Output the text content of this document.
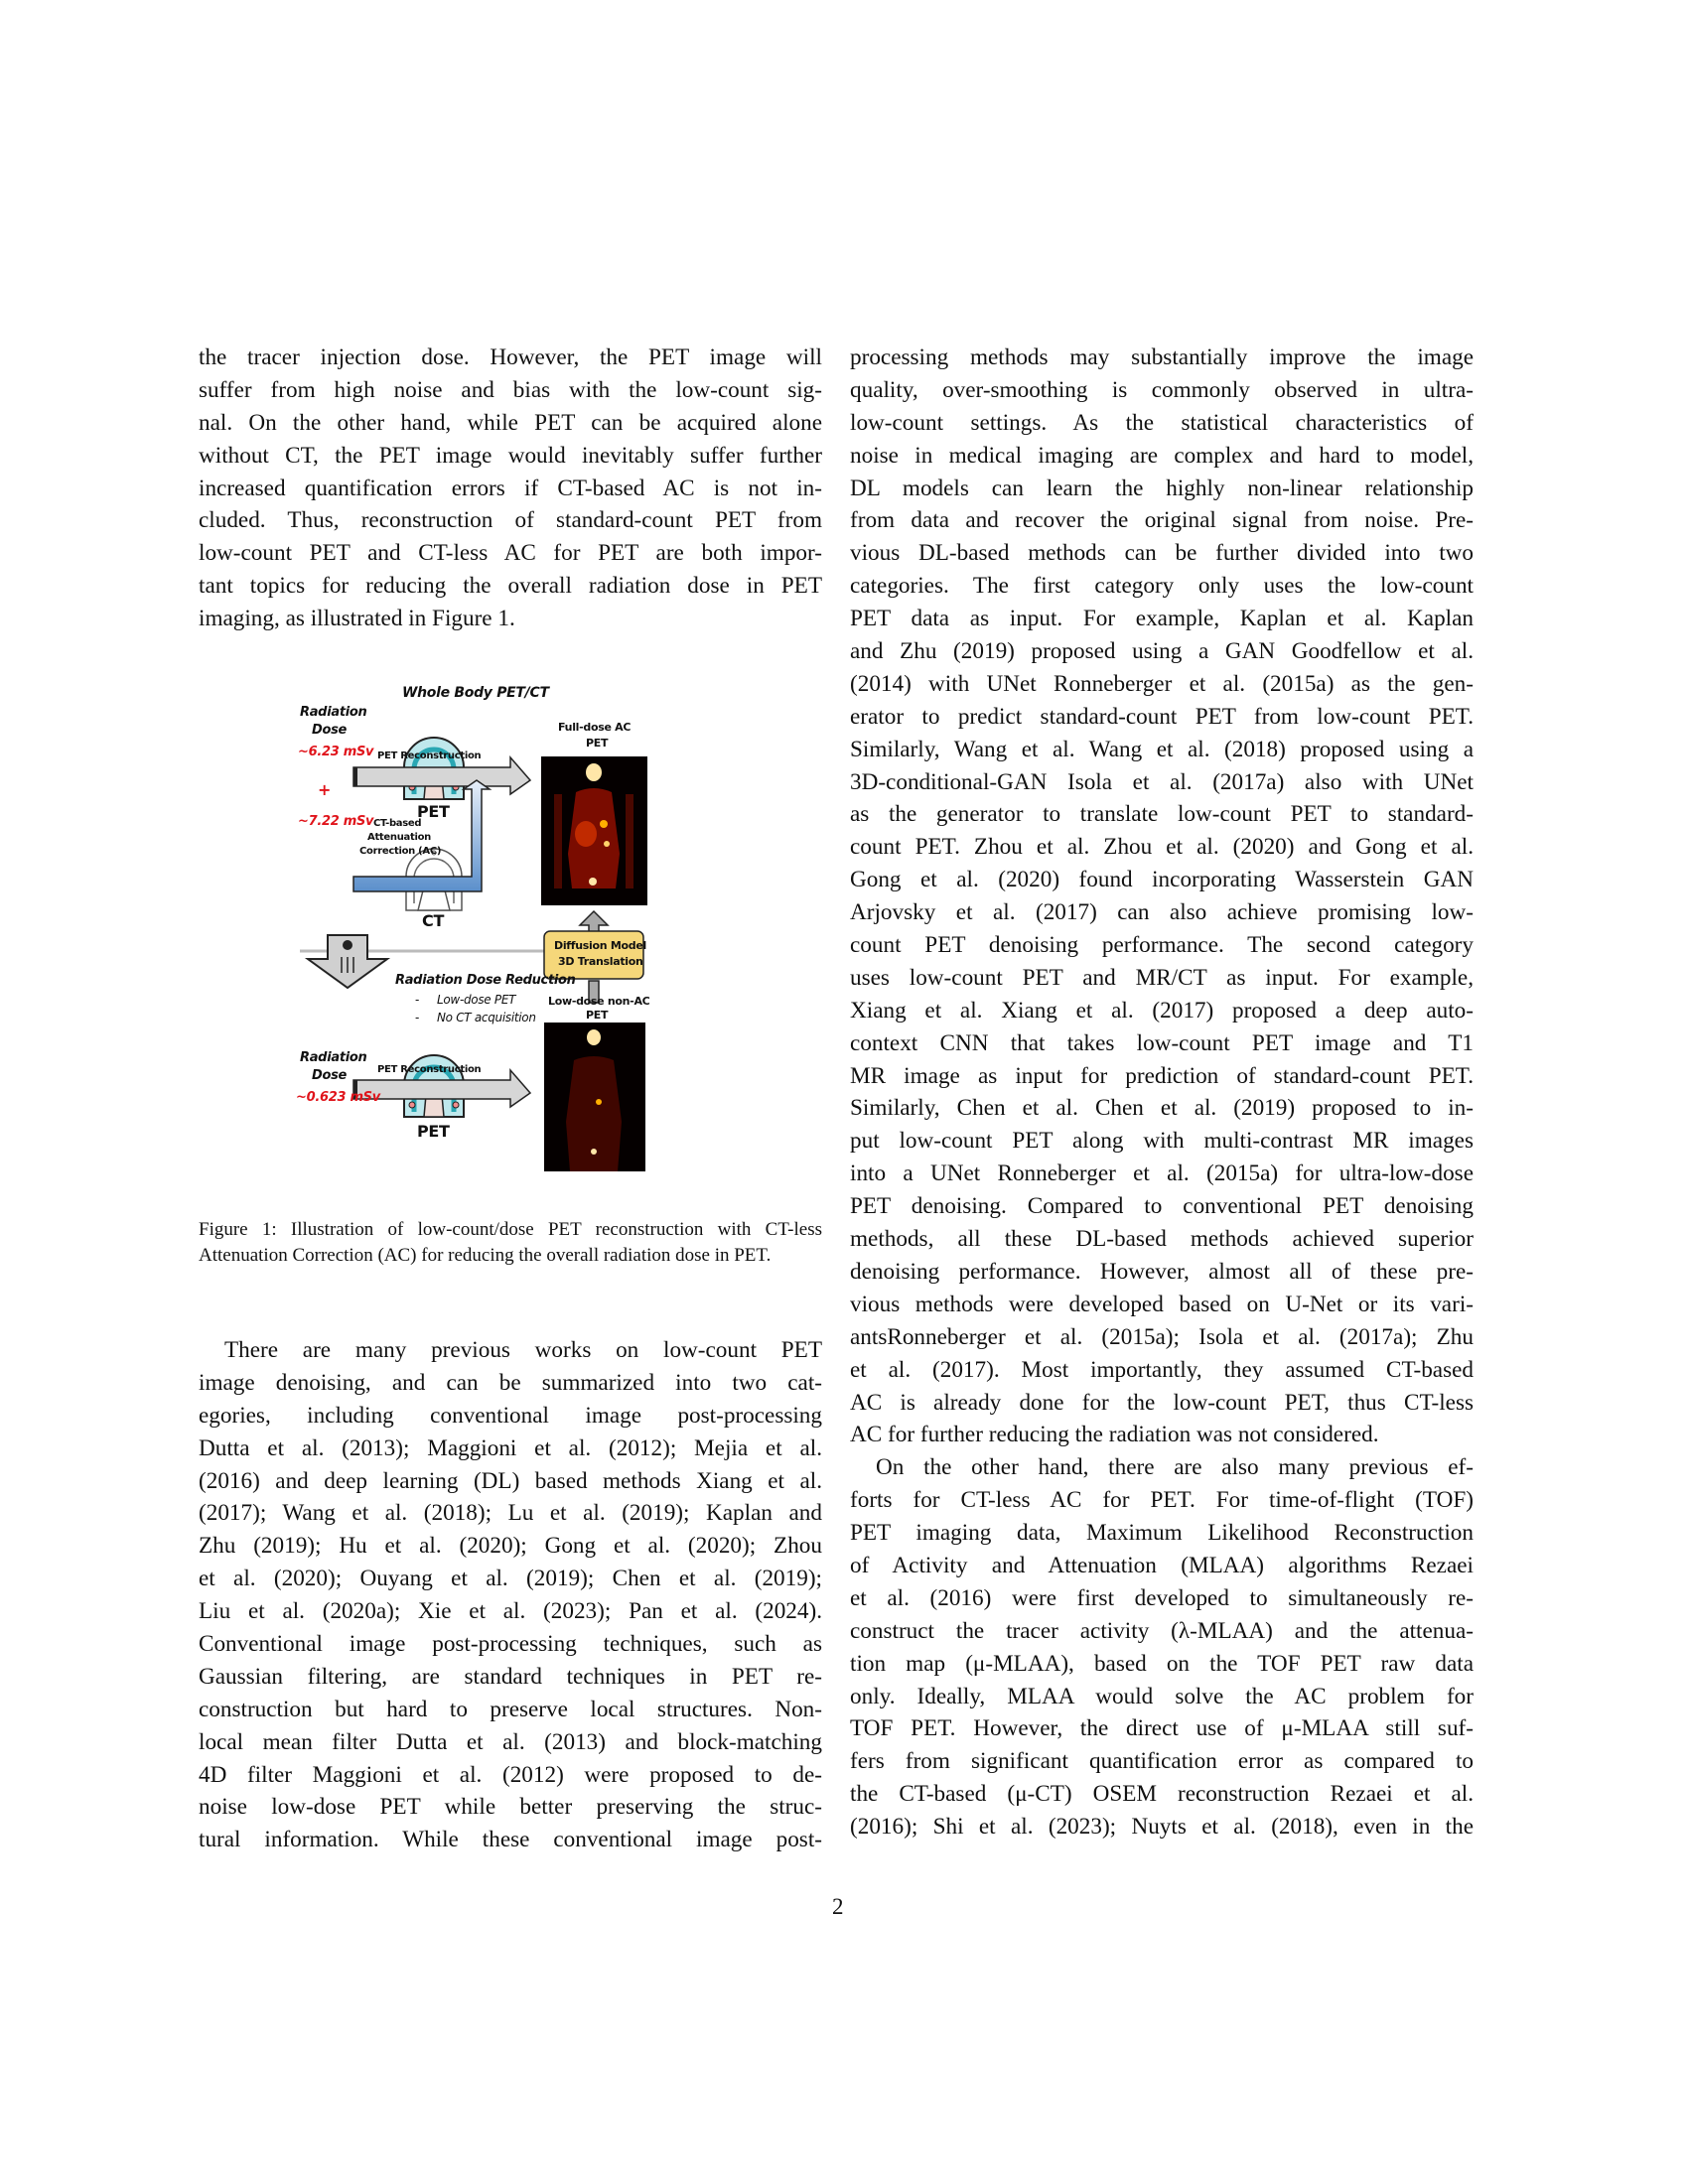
the tracer injection dose. However, the PET image will
suffer from high noise and bias with the low-count sig-
nal. On the other hand, while PET can be acquired alone
without CT, the PET image would inevitably suffer further
increased quantification errors if CT-based AC is not in-
cluded. Thus, reconstruction of standard-count PET from
low-count PET and CT-less AC for PET are both impor-
tant topics for reducing the overall radiation dose in PET
imaging, as illustrated in Figure 1.
Whole Body PET/CT
Radiation
Dose
~6.23 mSv
+
~7.22 mSv
PET
CT
PET Reconstruction
CT-based
Attenuation
Correction (AC)
Full-dose AC
PET
Diffusion Model
3D Translation
Radiation Dose Reduction
- Low-dose PET
- No CT acquisition
Low-dose non-AC
PET
Radiation
Dose
~0.623 mSv
PET Reconstruction
PET

Figure 1: Illustration of low-count/dose PET reconstruction with CT-less Attenuation Correction (AC) for reducing the overall radiation dose in PET.

There are many previous works on low-count PET
image denoising, and can be summarized into two cat-
egories, including conventional image post-processing
Dutta et al. (2013); Maggioni et al. (2012); Mejia et al.
(2016) and deep learning (DL) based methods Xiang et al.
(2017); Wang et al. (2018); Lu et al. (2019); Kaplan and
Zhu (2019); Hu et al. (2020); Gong et al. (2020); Zhou
et al. (2020); Ouyang et al. (2019); Chen et al. (2019);
Liu et al. (2020a); Xie et al. (2023); Pan et al. (2024).
Conventional image post-processing techniques, such as
Gaussian filtering, are standard techniques in PET re-
construction but hard to preserve local structures. Non-
local mean filter Dutta et al. (2013) and block-matching
4D filter Maggioni et al. (2012) were proposed to de-
noise low-dose PET while better preserving the struc-
tural information. While these conventional image post-
processing methods may substantially improve the image
quality, over-smoothing is commonly observed in ultra-
low-count settings. As the statistical characteristics of
noise in medical imaging are complex and hard to model,
DL models can learn the highly non-linear relationship
from data and recover the original signal from noise. Pre-
vious DL-based methods can be further divided into two
categories. The first category only uses the low-count
PET data as input. For example, Kaplan et al. Kaplan
and Zhu (2019) proposed using a GAN Goodfellow et al.
(2014) with UNet Ronneberger et al. (2015a) as the gen-
erator to predict standard-count PET from low-count PET.
Similarly, Wang et al. Wang et al. (2018) proposed using a
3D-conditional-GAN Isola et al. (2017a) also with UNet
as the generator to translate low-count PET to standard-
count PET. Zhou et al. Zhou et al. (2020) and Gong et al.
Gong et al. (2020) found incorporating Wasserstein GAN
Arjovsky et al. (2017) can also achieve promising low-
count PET denoising performance. The second category
uses low-count PET and MR/CT as input. For example,
Xiang et al. Xiang et al. (2017) proposed a deep auto-
context CNN that takes low-count PET image and T1
MR image as input for prediction of standard-count PET.
Similarly, Chen et al. Chen et al. (2019) proposed to in-
put low-count PET along with multi-contrast MR images
into a UNet Ronneberger et al. (2015a) for ultra-low-dose
PET denoising. Compared to conventional PET denoising
methods, all these DL-based methods achieved superior
denoising performance. However, almost all of these pre-
vious methods were developed based on U-Net or its vari-
antsRonneberger et al. (2015a); Isola et al. (2017a); Zhu
et al. (2017). Most importantly, they assumed CT-based
AC is already done for the low-count PET, thus CT-less
AC for further reducing the radiation was not considered.
On the other hand, there are also many previous ef-
forts for CT-less AC for PET. For time-of-flight (TOF)
PET imaging data, Maximum Likelihood Reconstruction
of Activity and Attenuation (MLAA) algorithms Rezaei
et al. (2016) were first developed to simultaneously re-
construct the tracer activity (λ-MLAA) and the attenua-
tion map (μ-MLAA), based on the TOF PET raw data
only. Ideally, MLAA would solve the AC problem for
TOF PET. However, the direct use of μ-MLAA still suf-
fers from significant quantification error as compared to
the CT-based (μ-CT) OSEM reconstruction Rezaei et al.
(2016); Shi et al. (2023); Nuyts et al. (2018), even in the
2
